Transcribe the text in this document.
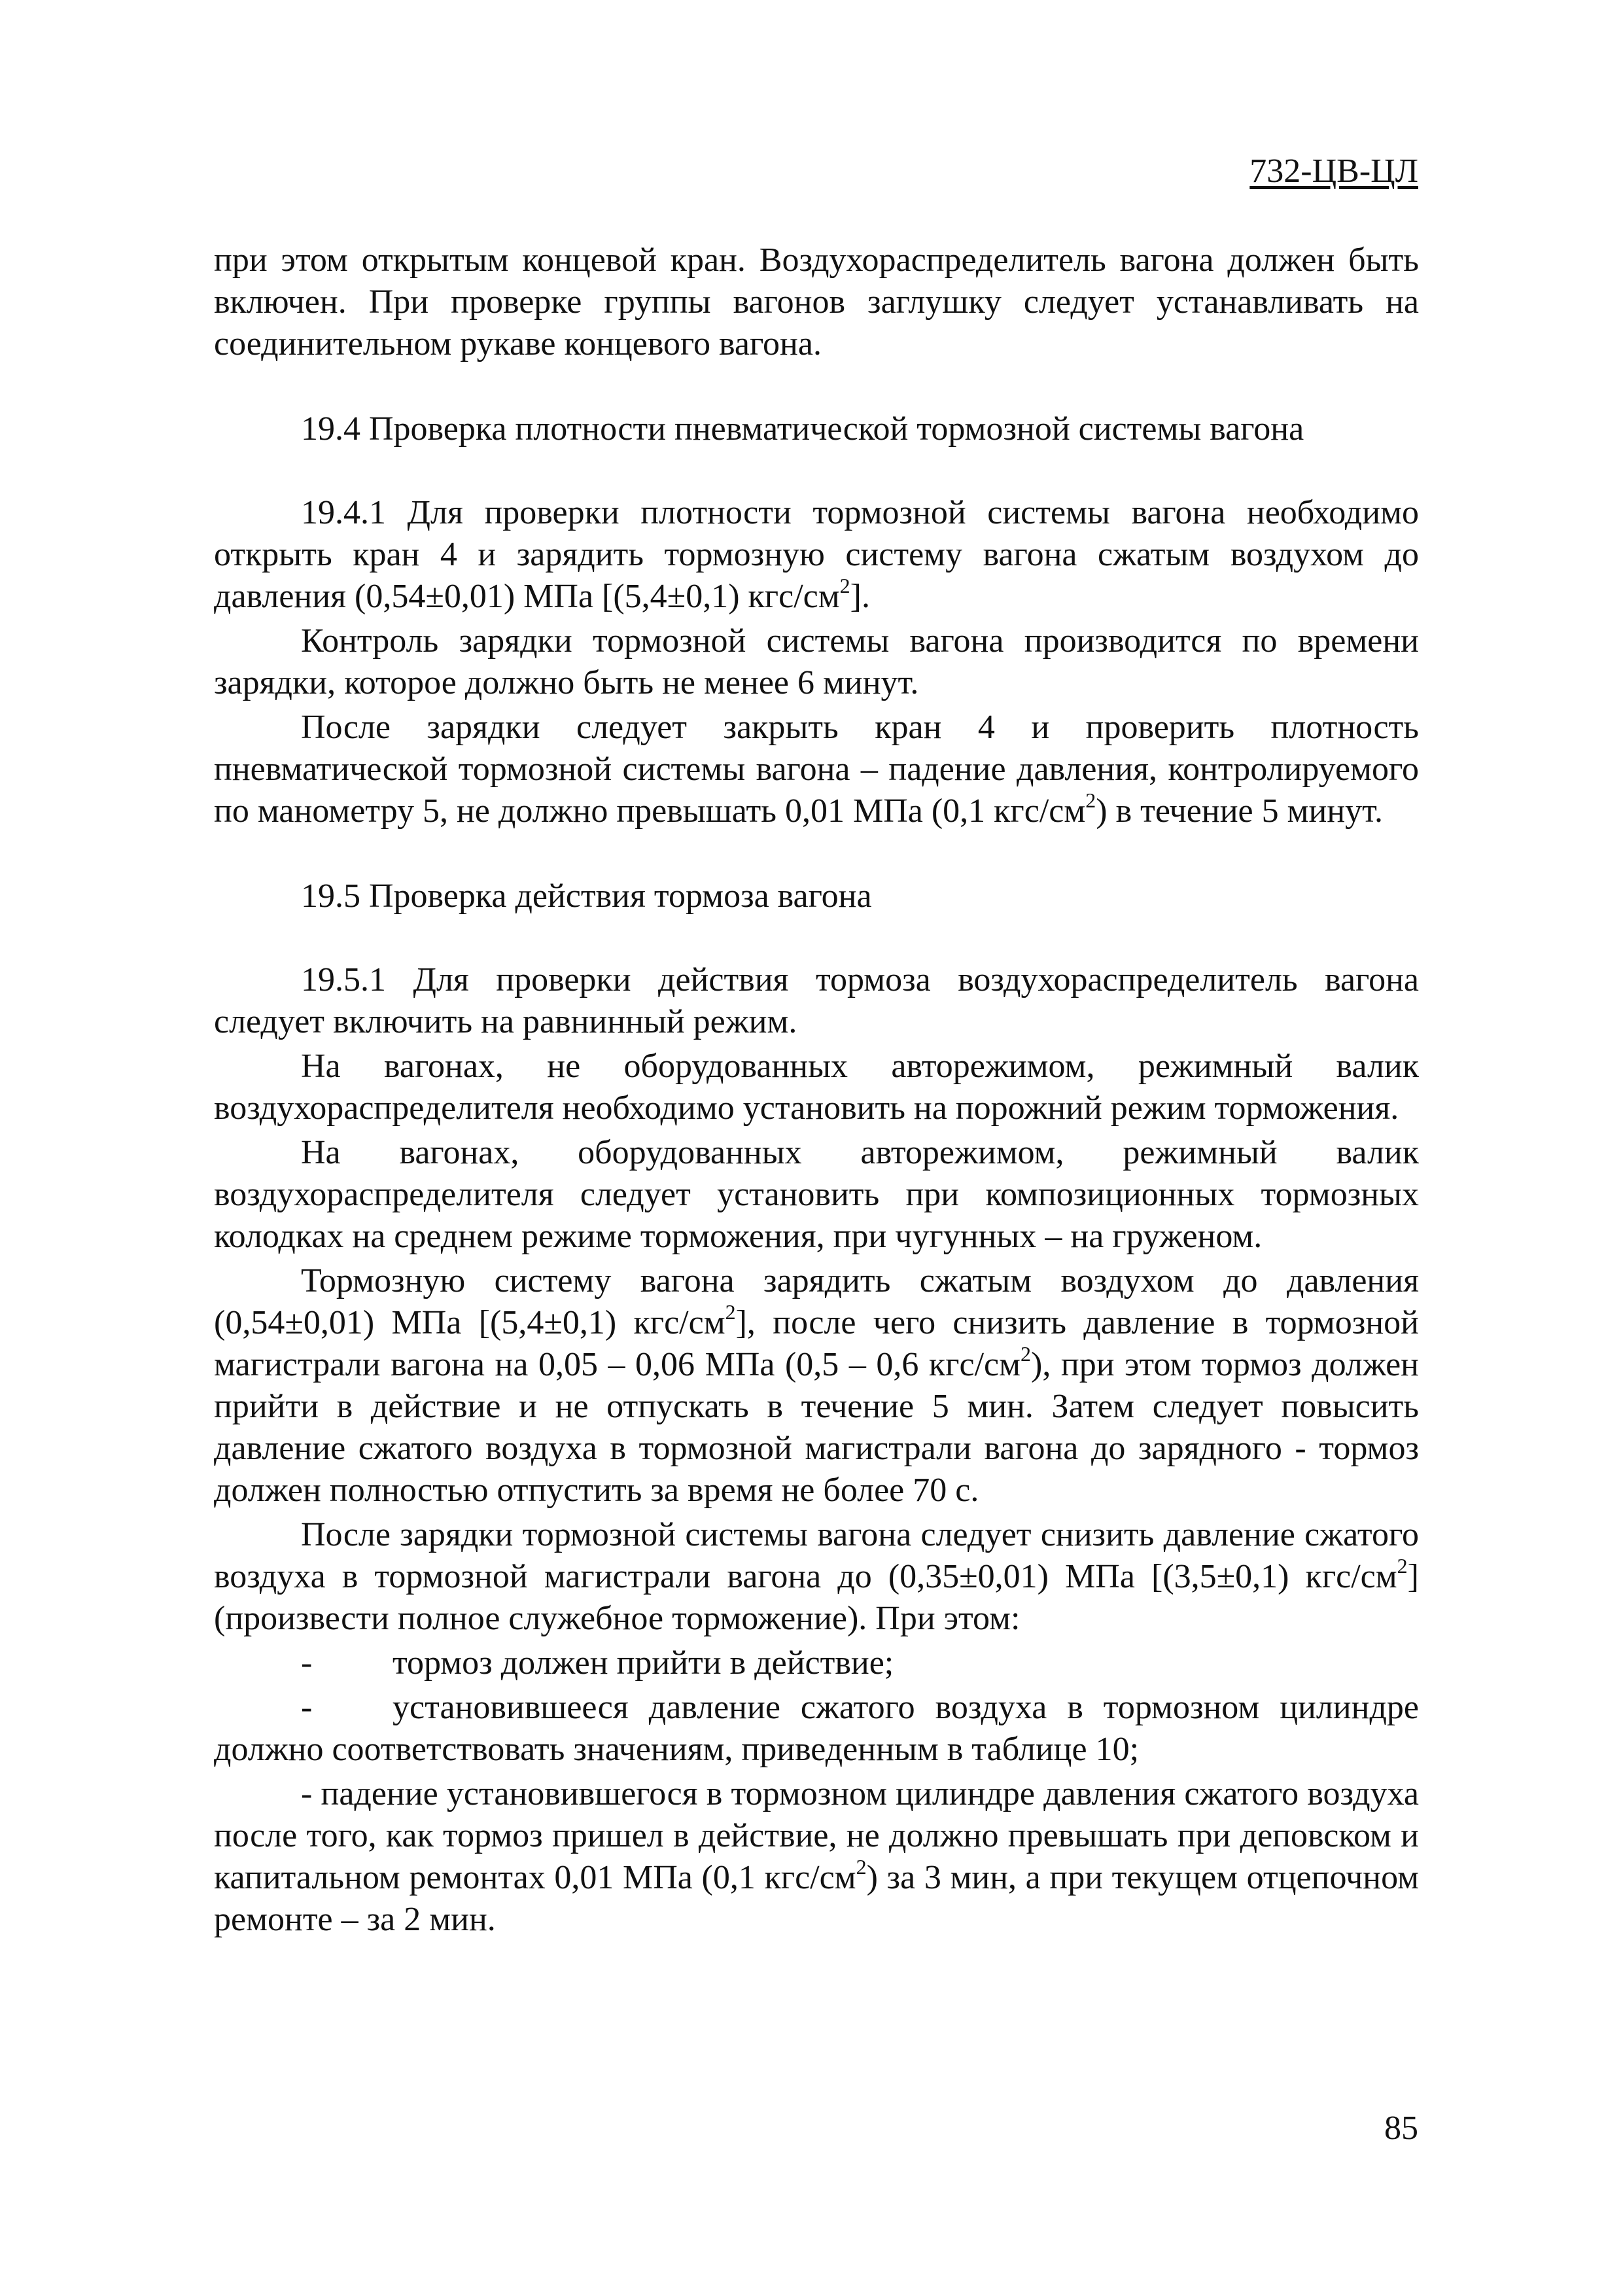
732-ЦВ-ЦЛ

при этом открытым концевой кран. Воздухораспределитель вагона должен быть включен. При проверке группы вагонов заглушку следует устанавливать на соединительном рукаве концевого вагона.

19.4 Проверка плотности пневматической тормозной системы вагона

19.4.1 Для проверки плотности тормозной системы вагона необходимо открыть кран 4 и зарядить тормозную систему вагона сжатым воздухом до давления (0,54±0,01) МПа [(5,4±0,1) кгс/$см^2$].

Контроль зарядки тормозной системы вагона производится по времени зарядки, которое должно быть не менее 6 минут.

После зарядки следует закрыть кран 4 и проверить плотность пневматической тормозной системы вагона – падение давления, контролируемого по манометру 5, не должно превышать 0,01 МПа (0,1 кгс/$см^2$) в течение 5 минут.

19.5 Проверка действия тормоза вагона

19.5.1 Для проверки действия тормоза воздухораспределитель вагона следует включить на равнинный режим.

На вагонах, не оборудованных авторежимом, режимный валик воздухораспределителя необходимо установить на порожний режим торможения.

На вагонах, оборудованных авторежимом, режимный валик воздухораспределителя следует установить при композиционных тормозных колодках на среднем режиме торможения, при чугунных – на груженом.

Тормозную систему вагона зарядить сжатым воздухом до давления (0,54±0,01) МПа [(5,4±0,1) кгс/$см^2$], после чего снизить давление в тормозной магистрали вагона на 0,05 – 0,06 МПа (0,5 – 0,6 кгс/$см^2$), при этом тормоз должен прийти в действие и не отпускать в течение 5 мин. Затем следует повысить давление сжатого воздуха в тормозной магистрали вагона до зарядного - тормоз должен полностью отпустить за время не более 70 с.

После зарядки тормозной системы вагона следует снизить давление сжатого воздуха в тормозной магистрали вагона до (0,35±0,01) МПа [(3,5±0,1) кгс/$см^2$] (произвести полное служебное торможение). При этом:

-	тормоз должен прийти в действие;

- установившееся давление сжатого воздуха в тормозном цилиндре должно соответствовать значениям, приведенным в таблице 10;

- падение установившегося в тормозном цилиндре давления сжатого воздуха после того, как тормоз пришел в действие, не должно превышать при деповском и капитальном ремонтах 0,01 МПа (0,1 кгс/$см^2$) за 3 мин, а при текущем отцепочном ремонте – за 2 мин.

85
